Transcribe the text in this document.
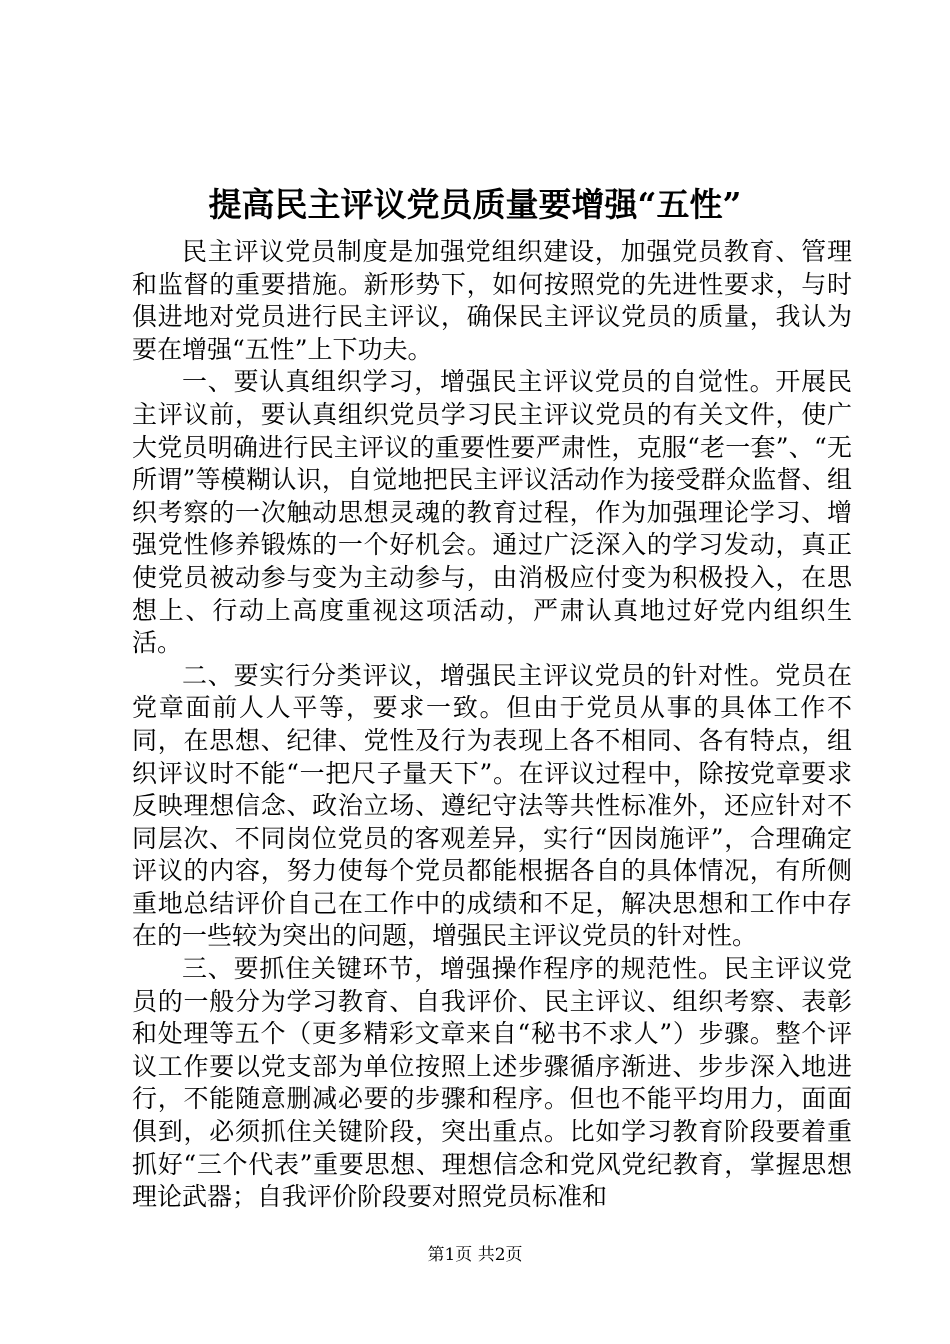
提高民主评议党员质量要增强“五性”

民主评议党员制度是加强党组织建设，加强党员教育、管理和监督的重要措施。新形势下，如何按照党的先进性要求，与时俱进地对党员进行民主评议，确保民主评议党员的质量，我认为要在增强“五性”上下功夫。

一、要认真组织学习，增强民主评议党员的自觉性。开展民主评议前，要认真组织党员学习民主评议党员的有关文件，使广大党员明确进行民主评议的重要性要严肃性，克服“老一套”、“无所谓”等模糊认识，自觉地把民主评议活动作为接受群众监督、组织考察的一次触动思想灵魂的教育过程，作为加强理论学习、增强党性修养锻炼的一个好机会。通过广泛深入的学习发动，真正使党员被动参与变为主动参与，由消极应付变为积极投入，在思想上、行动上高度重视这项活动，严肃认真地过好党内组织生活。

二、要实行分类评议，增强民主评议党员的针对性。党员在党章面前人人平等，要求一致。但由于党员从事的具体工作不同，在思想、纪律、党性及行为表现上各不相同、各有特点，组织评议时不能“一把尺子量天下”。在评议过程中，除按党章要求反映理想信念、政治立场、遵纪守法等共性标准外，还应针对不同层次、不同岗位党员的客观差异，实行“因岗施评”，合理确定评议的内容，努力使每个党员都能根据各自的具体情况，有所侧重地总结评价自己在工作中的成绩和不足，解决思想和工作中存在的一些较为突出的问题，增强民主评议党员的针对性。

三、要抓住关键环节，增强操作程序的规范性。民主评议党员的一般分为学习教育、自我评价、民主评议、组织考察、表彰和处理等五个（更多精彩文章来自“秘书不求人”）步骤。整个评议工作要以党支部为单位按照上述步骤循序渐进、步步深入地进行，不能随意删减必要的步骤和程序。但也不能平均用力，面面俱到，必须抓住关键阶段，突出重点。比如学习教育阶段要着重抓好“三个代表”重要思想、理想信念和党风党纪教育，掌握思想理论武器；自我评价阶段要对照党员标准和

第1页 共2页
